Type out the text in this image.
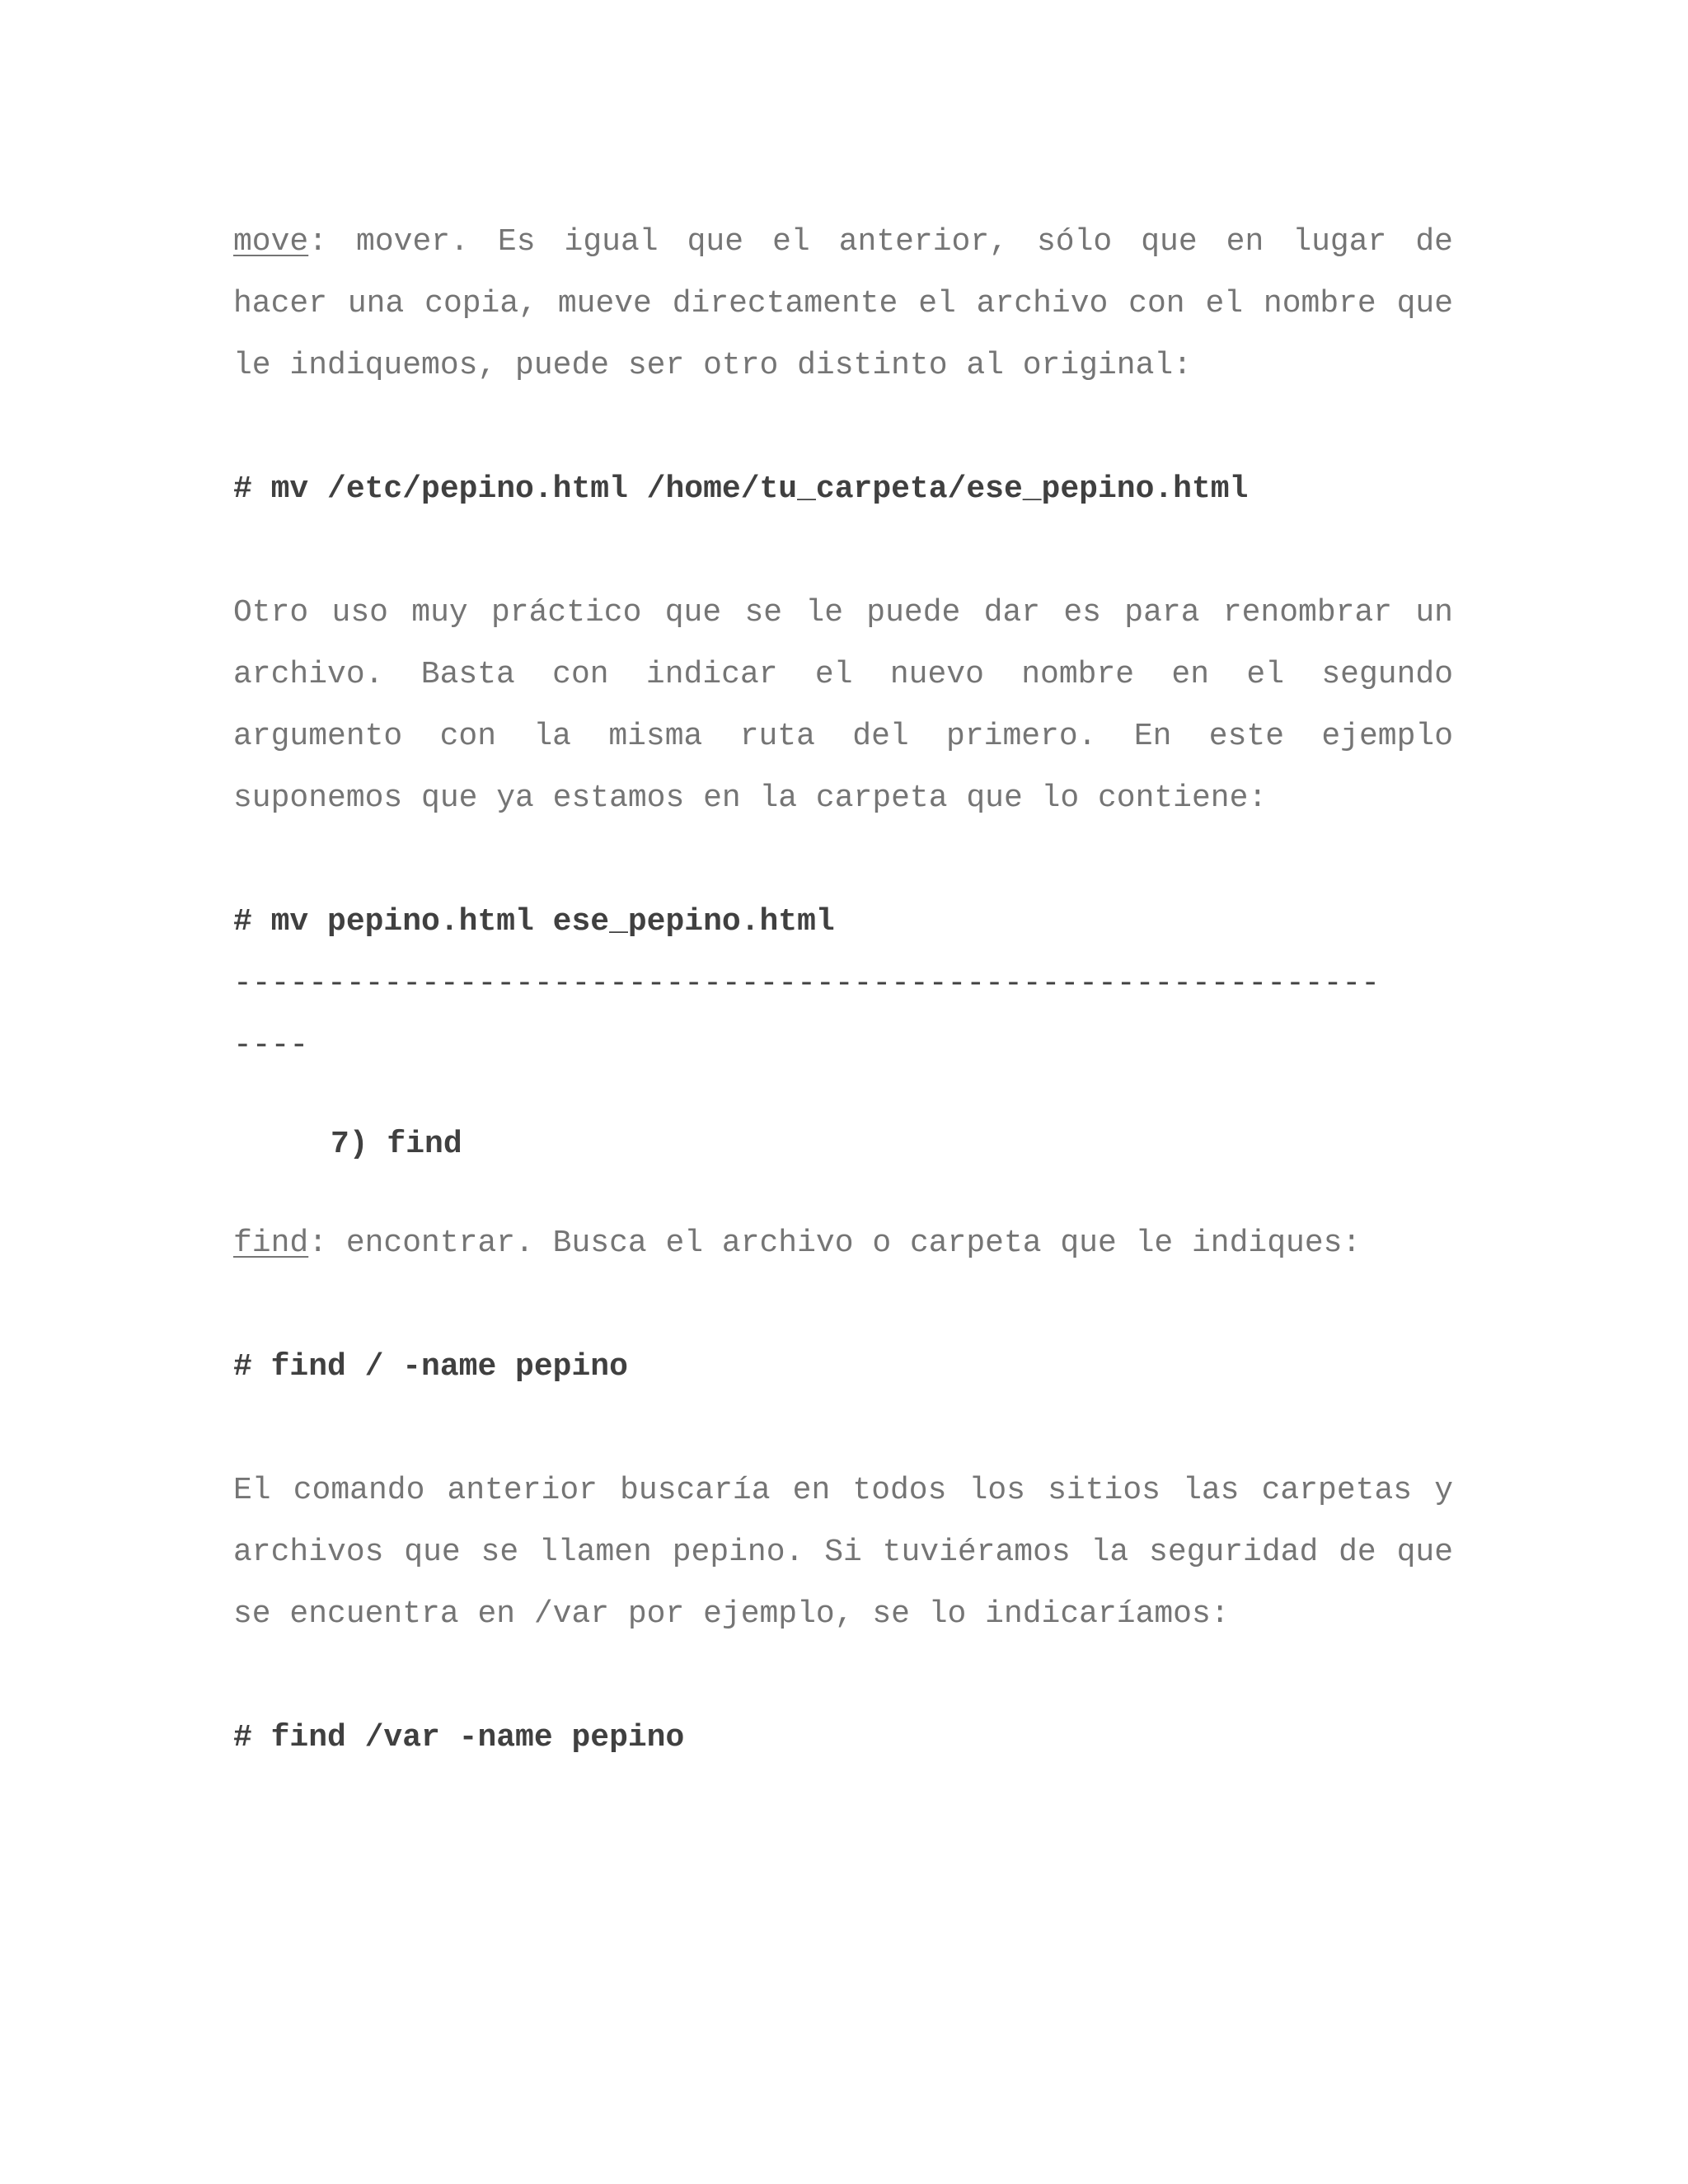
move: mover. Es igual que el anterior, sólo que en lugar de hacer una copia, mueve directamente el archivo con el nombre que le indiquemos, puede ser otro distinto al original:

# mv /etc/pepino.html /home/tu_carpeta/ese_pepino.html

Otro uso muy práctico que se le puede dar es para renombrar un archivo. Basta con indicar el nuevo nombre en el segundo argumento con la misma ruta del primero. En este ejemplo suponemos que ya estamos en la carpeta que lo contiene:

# mv pepino.html ese_pepino.html

-------------------------------------------------------------

----

7) find

find: encontrar. Busca el archivo o carpeta que le indiques:

# find / -name pepino

El comando anterior buscaría en todos los sitios las carpetas y archivos que se llamen pepino. Si tuviéramos la seguridad de que se encuentra en /var por ejemplo, se lo indicaríamos:

# find /var -name pepino
